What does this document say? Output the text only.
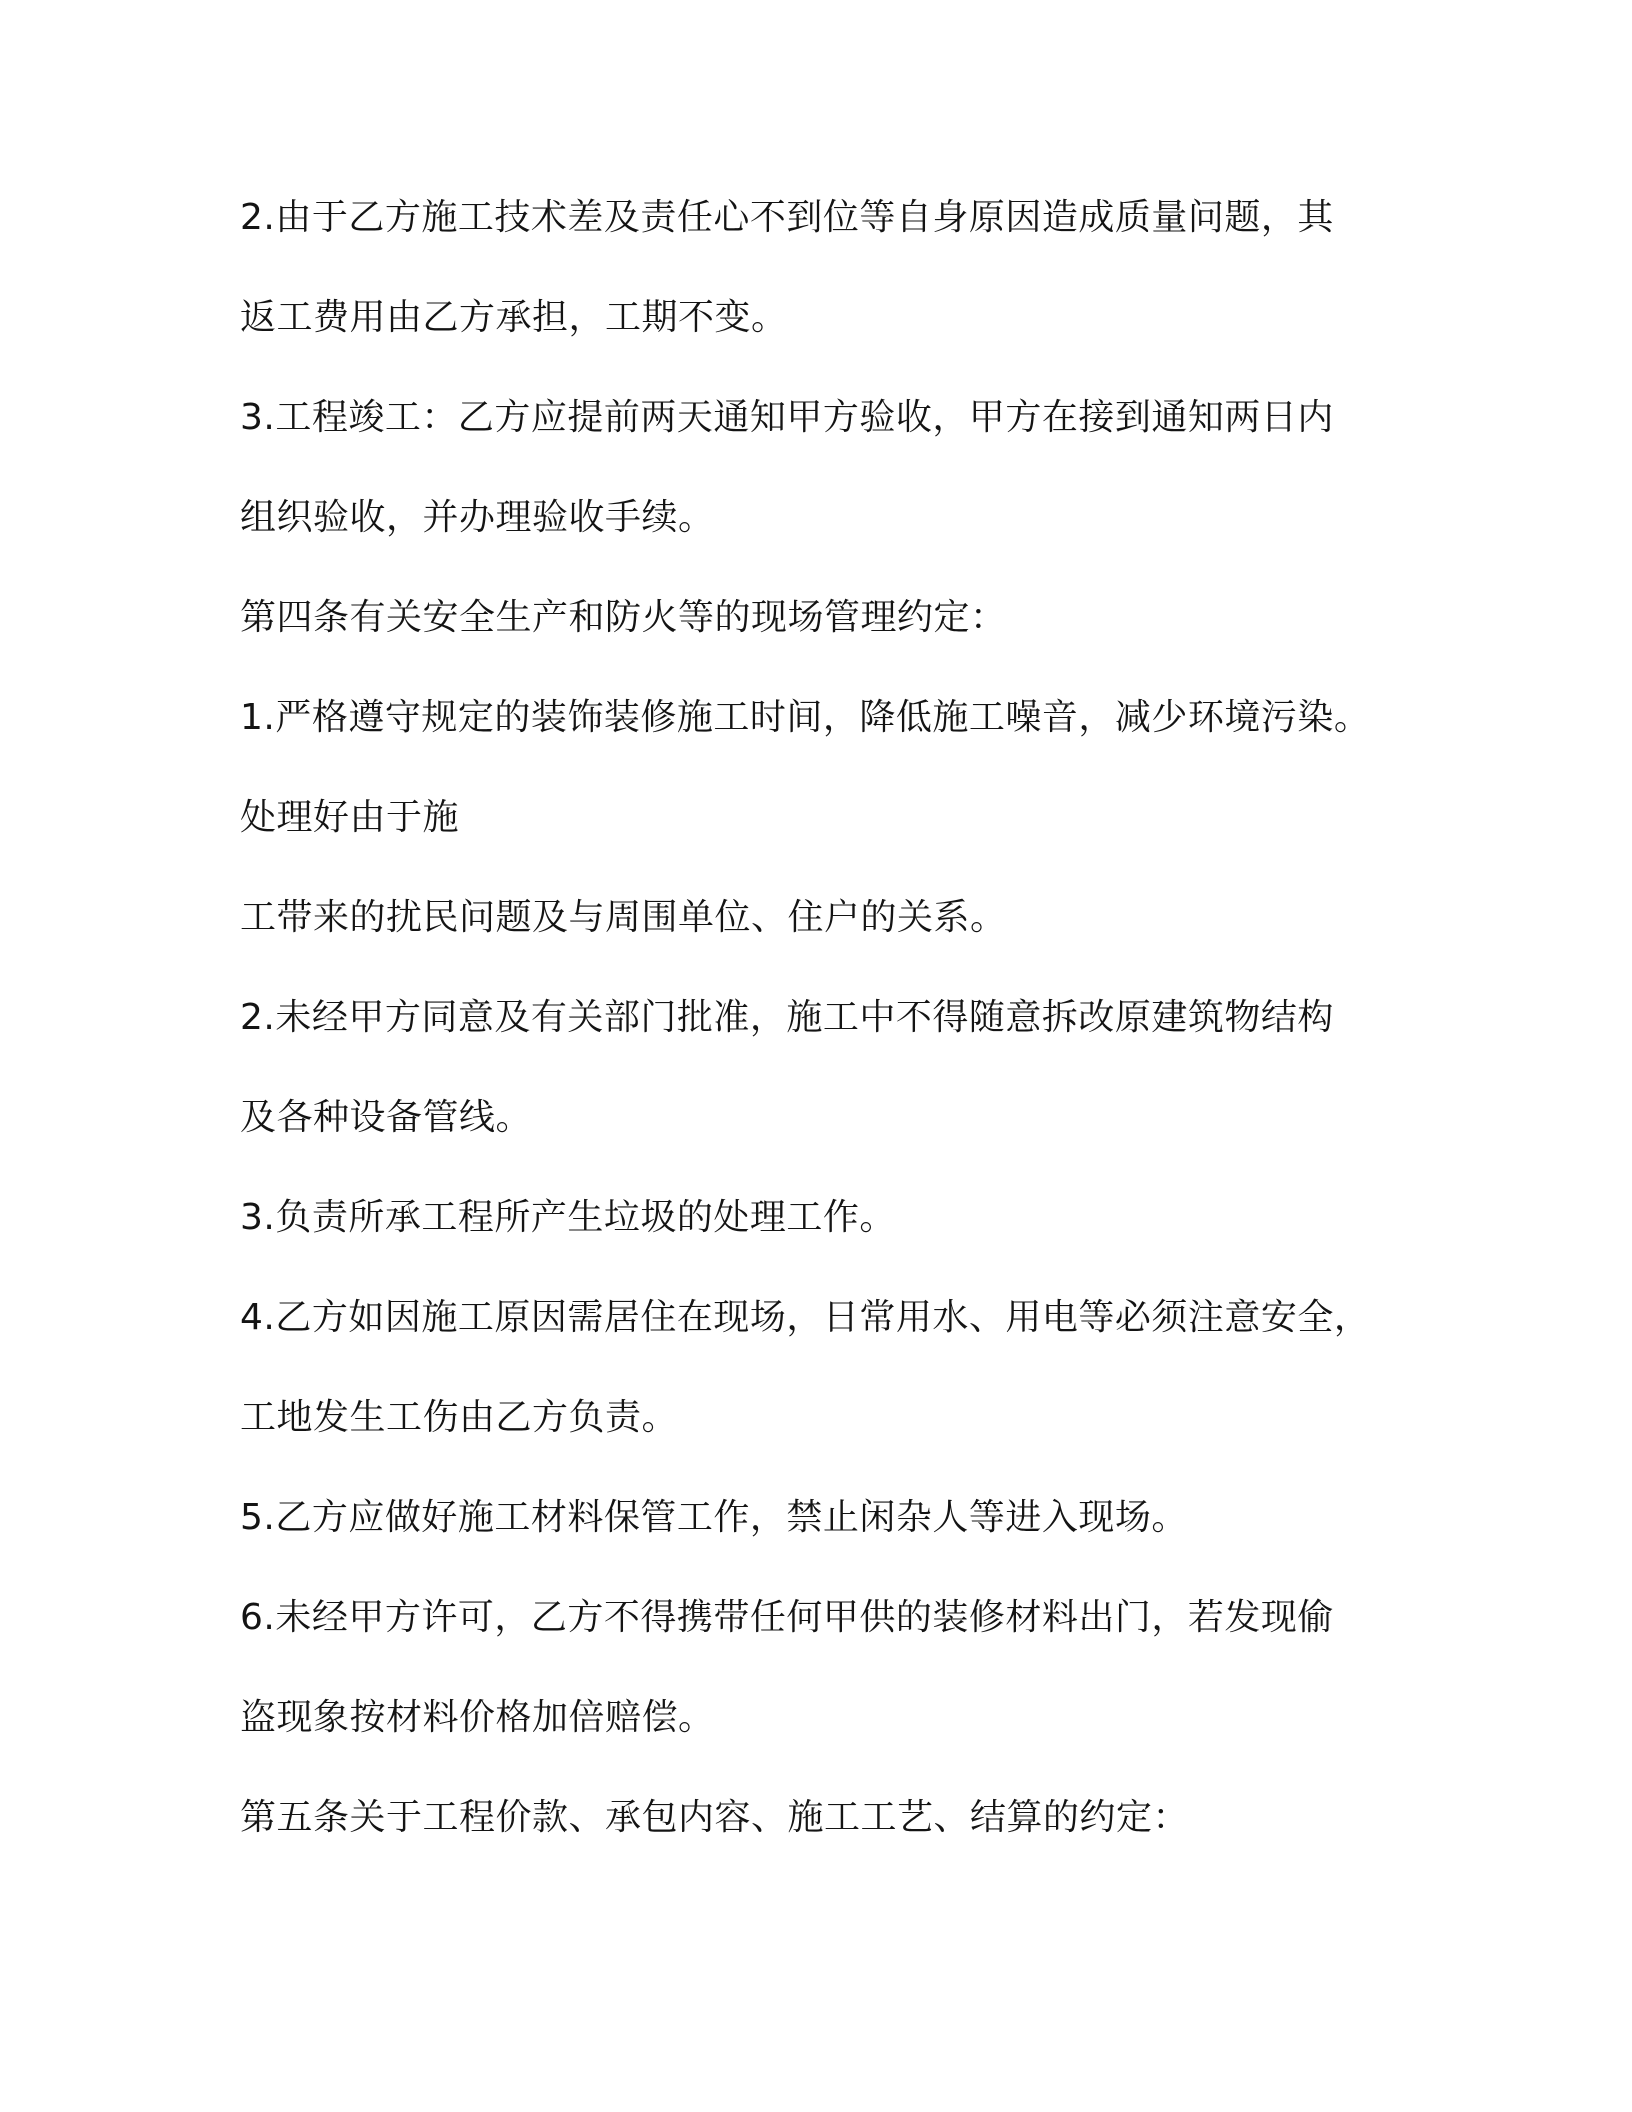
2.由于乙方施工技术差及责任心不到位等自身原因造成质量问题，其

返工费用由乙方承担，工期不变。

3.工程竣工：乙方应提前两天通知甲方验收，甲方在接到通知两日内

组织验收，并办理验收手续。

第四条有关安全生产和防火等的现场管理约定：

1.严格遵守规定的装饰装修施工时间，降低施工噪音，减少环境污染。

处理好由于施

工带来的扰民问题及与周围单位、住户的关系。

2.未经甲方同意及有关部门批准，施工中不得随意拆改原建筑物结构

及各种设备管线。

3.负责所承工程所产生垃圾的处理工作。

4.乙方如因施工原因需居住在现场，日常用水、用电等必须注意安全，

工地发生工伤由乙方负责。

5.乙方应做好施工材料保管工作，禁止闲杂人等进入现场。

6.未经甲方许可，乙方不得携带任何甲供的装修材料出门，若发现偷

盗现象按材料价格加倍赔偿。

第五条关于工程价款、承包内容、施工工艺、结算的约定：
